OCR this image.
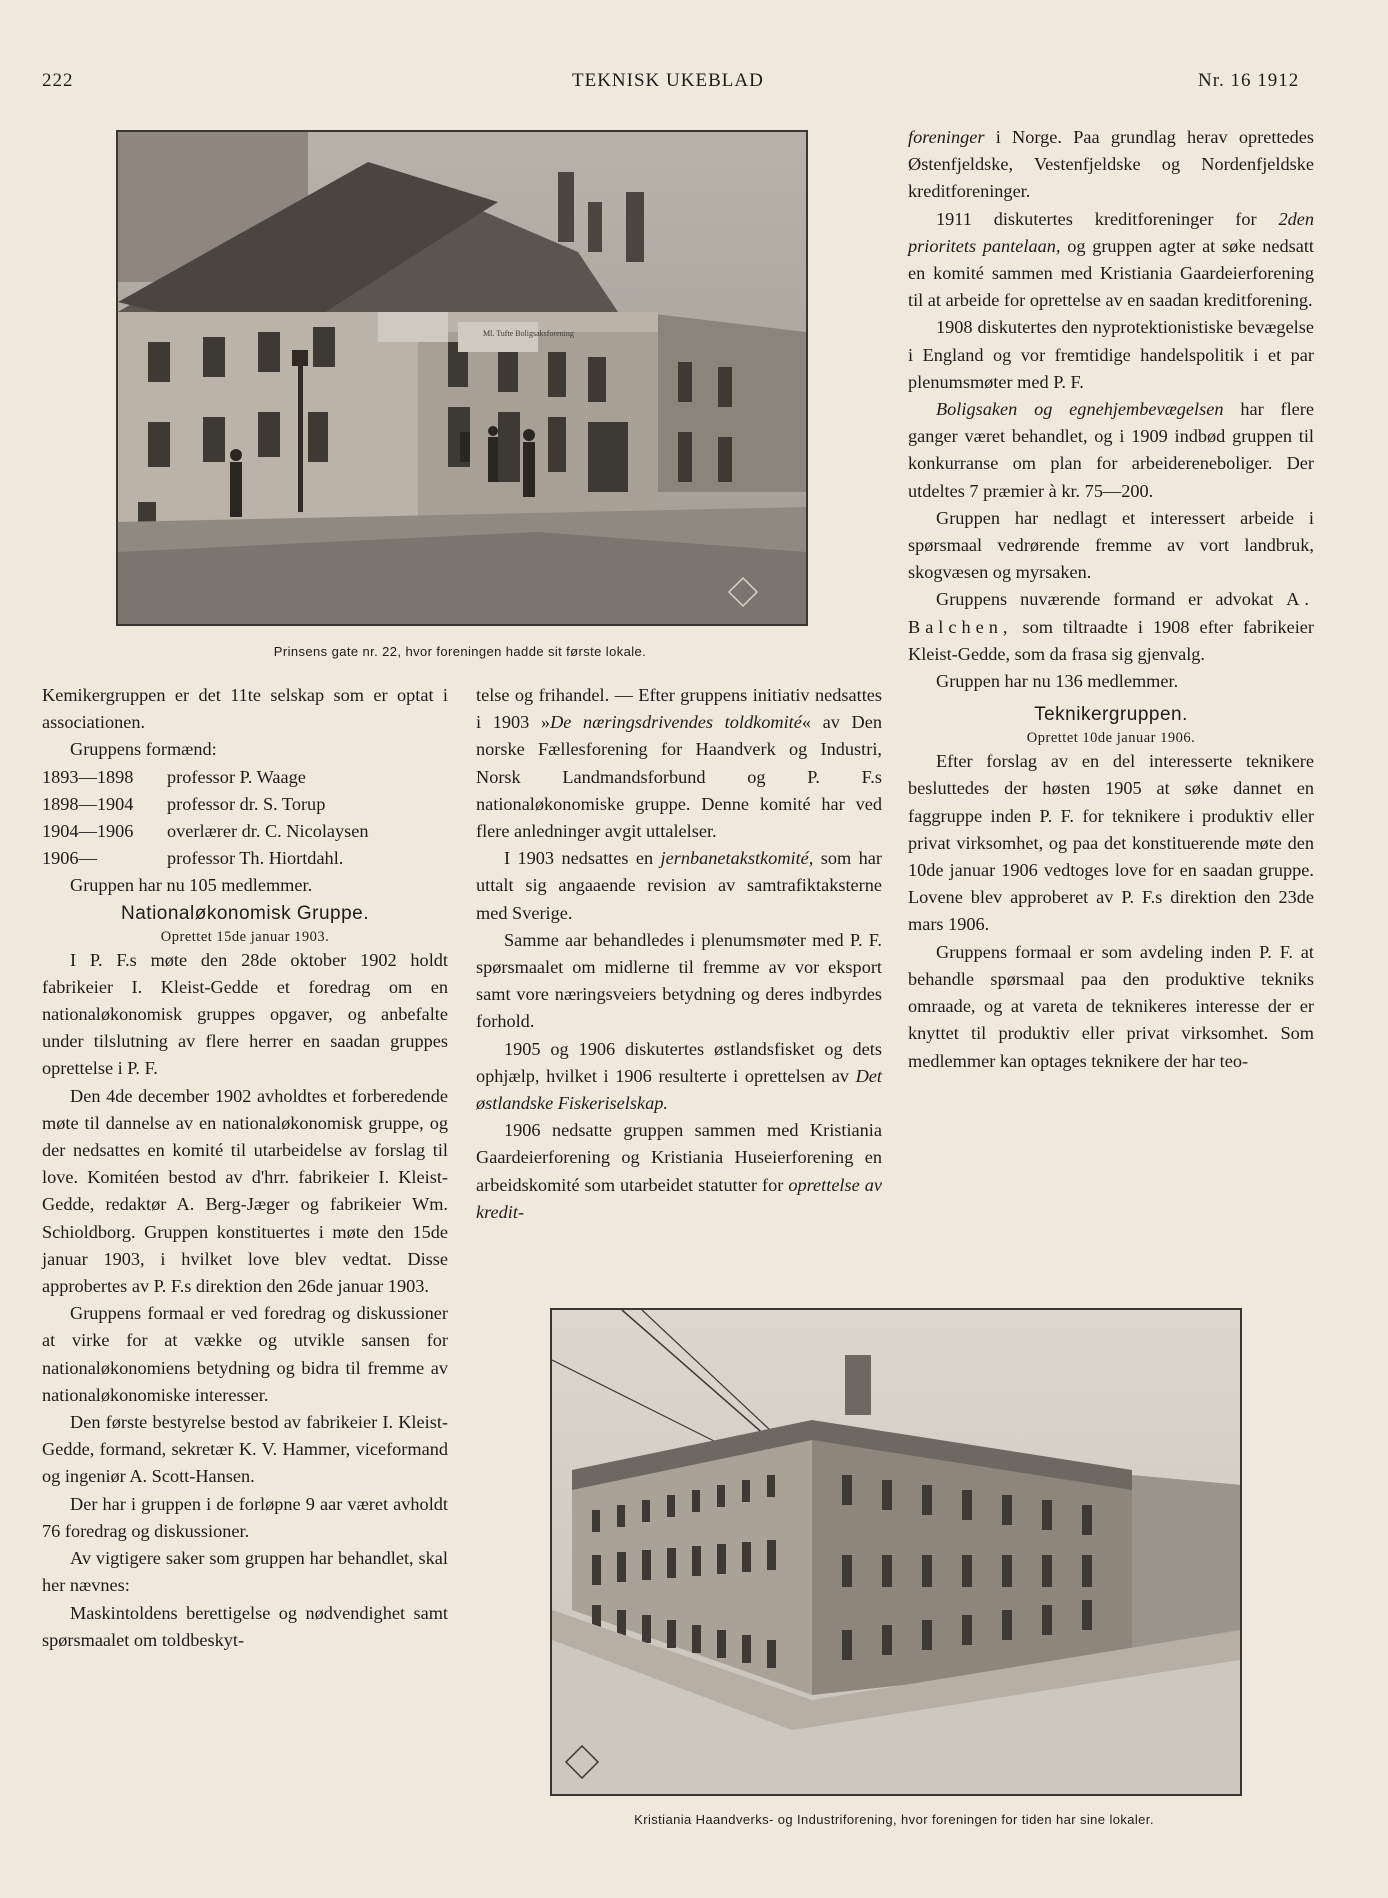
222	TEKNISK UKEBLAD	Nr. 16 1912
Ml. Tufte Boligsaksforening
Prinsens gate nr. 22, hvor foreningen hadde sit første lokale.

Kemikergruppen er det 11te selskap som er optat i associationen.

Gruppens formænd:

1893—1898	professor P. Waage
1898—1904	professor dr. S. Torup
1904—1906	overlærer dr. C. Nicolaysen
1906—	professor Th. Hiortdahl.

Gruppen har nu 105 medlemmer.

Nationaløkonomisk Gruppe.

Oprettet 15de januar 1903.

I P. F.s møte den 28de oktober 1902 holdt fabrikeier I. Kleist-Gedde et foredrag om en nationaløkonomisk gruppes opgaver, og anbefalte under tilslutning av flere herrer en saadan gruppes oprettelse i P. F.

Den 4de december 1902 avholdtes et forberedende møte til dannelse av en nationaløkonomisk gruppe, og der nedsattes en komité til utarbeidelse av forslag til love. Komitéen bestod av d'hrr. fabrikeier I. Kleist-Gedde, redaktør A. Berg-Jæger og fabrikeier Wm. Schioldborg. Gruppen konstituertes i møte den 15de januar 1903, i hvilket love blev vedtat. Disse approbertes av P. F.s direktion den 26de januar 1903.

Gruppens formaal er ved foredrag og diskussioner at virke for at vække og utvikle sansen for nationaløkonomiens betydning og bidra til fremme av nationaløkonomiske interesser.

Den første bestyrelse bestod av fabrikeier I. Kleist-Gedde, formand, sekretær K. V. Hammer, viceformand og ingeniør A. Scott-Hansen.

Der har i gruppen i de forløpne 9 aar været avholdt 76 foredrag og diskussioner.

Av vigtigere saker som gruppen har behandlet, skal her nævnes:

Maskintoldens berettigelse og nødvendighet samt spørsmaalet om toldbeskyt-

telse og frihandel. — Efter gruppens initiativ nedsattes i 1903 »De næringsdrivendes toldkomité« av Den norske Fællesforening for Haandverk og Industri, Norsk Landmandsforbund og P. F.s nationaløkonomiske gruppe. Denne komité har ved flere anledninger avgit uttalelser.

I 1903 nedsattes en jernbanetakstkomité, som har uttalt sig angaaende revision av samtrafiktaksterne med Sverige.

Samme aar behandledes i plenumsmøter med P. F. spørsmaalet om midlerne til fremme av vor eksport samt vore næringsveiers betydning og deres indbyrdes forhold.

1905 og 1906 diskutertes østlandsfisket og dets ophjælp, hvilket i 1906 resulterte i oprettelsen av Det østlandske Fiskeriselskap.

1906 nedsatte gruppen sammen med Kristiania Gaardeierforening og Kristiania Huseierforening en arbeidskomité som utarbeidet statutter for oprettelse av kredit-

foreninger i Norge. Paa grundlag herav oprettedes Østenfjeldske, Vestenfjeldske og Nordenfjeldske kreditforeninger.

1911 diskutertes kreditforeninger for 2den prioritets pantelaan, og gruppen agter at søke nedsatt en komité sammen med Kristiania Gaardeierforening til at arbeide for oprettelse av en saadan kreditforening.

1908 diskutertes den nyprotektionistiske bevægelse i England og vor fremtidige handelspolitik i et par plenumsmøter med P. F.

Boligsaken og egnehjembevægelsen har flere ganger været behandlet, og i 1909 indbød gruppen til konkurranse om plan for arbeidereneboliger. Der utdeltes 7 præmier à kr. 75—200.

Gruppen har nedlagt et interessert arbeide i spørsmaal vedrørende fremme av vort landbruk, skogvæsen og myrsaken.

Gruppens nuværende formand er advokat A. Balchen, som tiltraadte i 1908 efter fabrikeier Kleist-Gedde, som da frasa sig gjenvalg.

Gruppen har nu 136 medlemmer.

Teknikergruppen.

Oprettet 10de januar 1906.

Efter forslag av en del interesserte teknikere besluttedes der høsten 1905 at søke dannet en faggruppe inden P. F. for teknikere i produktiv eller privat virksomhet, og paa det konstituerende møte den 10de januar 1906 vedtoges love for en saadan gruppe. Lovene blev approberet av P. F.s direktion den 23de mars 1906.

Gruppens formaal er som avdeling inden P. F. at behandle spørsmaal paa den produktive tekniks omraade, og at vareta de teknikeres interesse der er knyttet til produktiv eller privat virksomhet. Som medlemmer kan optages teknikere der har teo-

Kristiania Haandverks- og Industriforening, hvor foreningen for tiden har sine lokaler.
